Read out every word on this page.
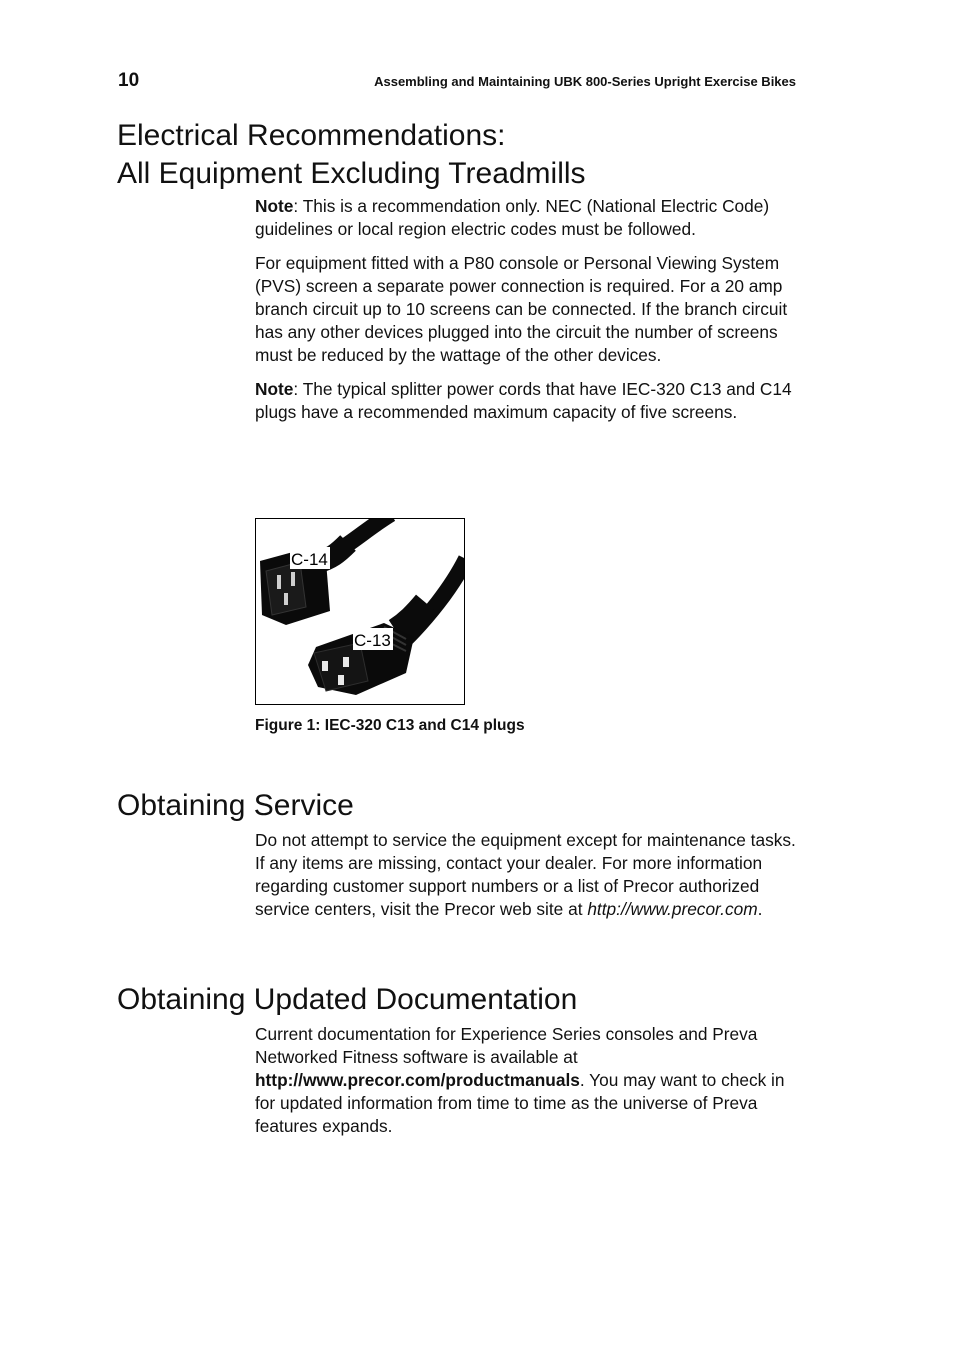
10	Assembling and Maintaining UBK 800-Series Upright Exercise Bikes
Electrical Recommendations:
All Equipment Excluding Treadmills

Note: This is a recommendation only. NEC (National Electric Code) guidelines or local region electric codes must be followed.

For equipment fitted with a P80 console or Personal Viewing System (PVS) screen a separate power connection is required. For a 20 amp branch circuit up to 10 screens can be connected. If the branch circuit has any other devices plugged into the circuit the number of screens must be reduced by the wattage of the other devices.

Note: The typical splitter power cords that have IEC-320 C13 and C14 plugs have a recommended maximum capacity of five screens.

C-14
C-13
Figure 1: IEC-320 C13 and C14 plugs
Obtaining Service

Do not attempt to service the equipment except for maintenance tasks. If any items are missing, contact your dealer. For more information regarding customer support numbers or a list of Precor authorized service centers, visit the Precor web site at http://www.precor.com.

Obtaining Updated Documentation

Current documentation for Experience Series consoles and Preva Networked Fitness software is available at http://www.precor.com/productmanuals. You may want to check in for updated information from time to time as the universe of Preva features expands.
